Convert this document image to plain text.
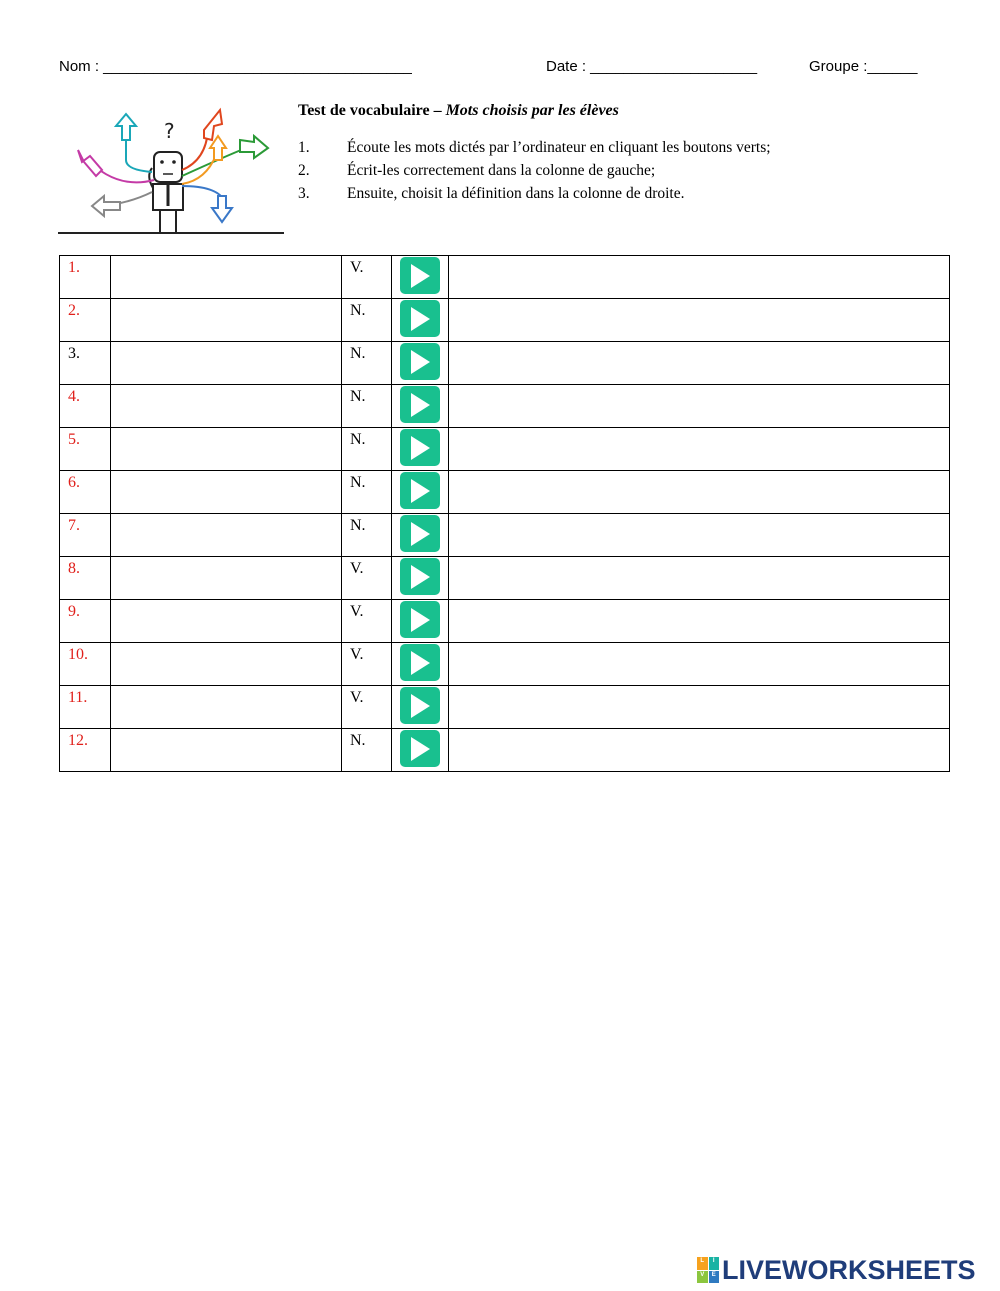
Nom : _____________________________________	Date : ____________________	Groupe :______
?
Test de vocabulaire – Mots choisis par les élèves
1.	Écoute les mots dictés par l’ordinateur en cliquant les boutons verts;
2.	Écrit-les correctement dans la colonne de gauche;
3.	Ensuite, choisit la définition dans la colonne de droite.
1.		V.	

2.		N.	

3.		N.	

4.		N.	

5.		N.	

6.		N.	

7.		N.	

8.		V.	

9.		V.	

10.		V.	

11.		V.	

12.		N.	

L	I
V	E LIVEWORKSHEETS
